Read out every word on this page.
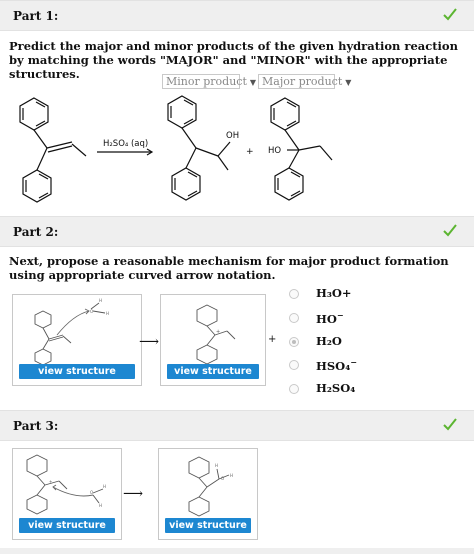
Part 1:
Predict the major and minor products of the given hydration reaction by matching the words "MAJOR" and "MINOR" with the appropriate structures.
Minor product ▼ Major product ▼
H₂SO₄ (aq)
OH
HO
+
Part 2:
Next, propose a reasonable mechanism for major product formation using appropriate curved arrow notation.
H
O	H
view structure
⟶
+
view structure
+
H₃O+
HO−
H₂O
HSO₄−
H₂SO₄
Part 3:
+
O
H
H
view structure
⟶
H
O
H
view structure
